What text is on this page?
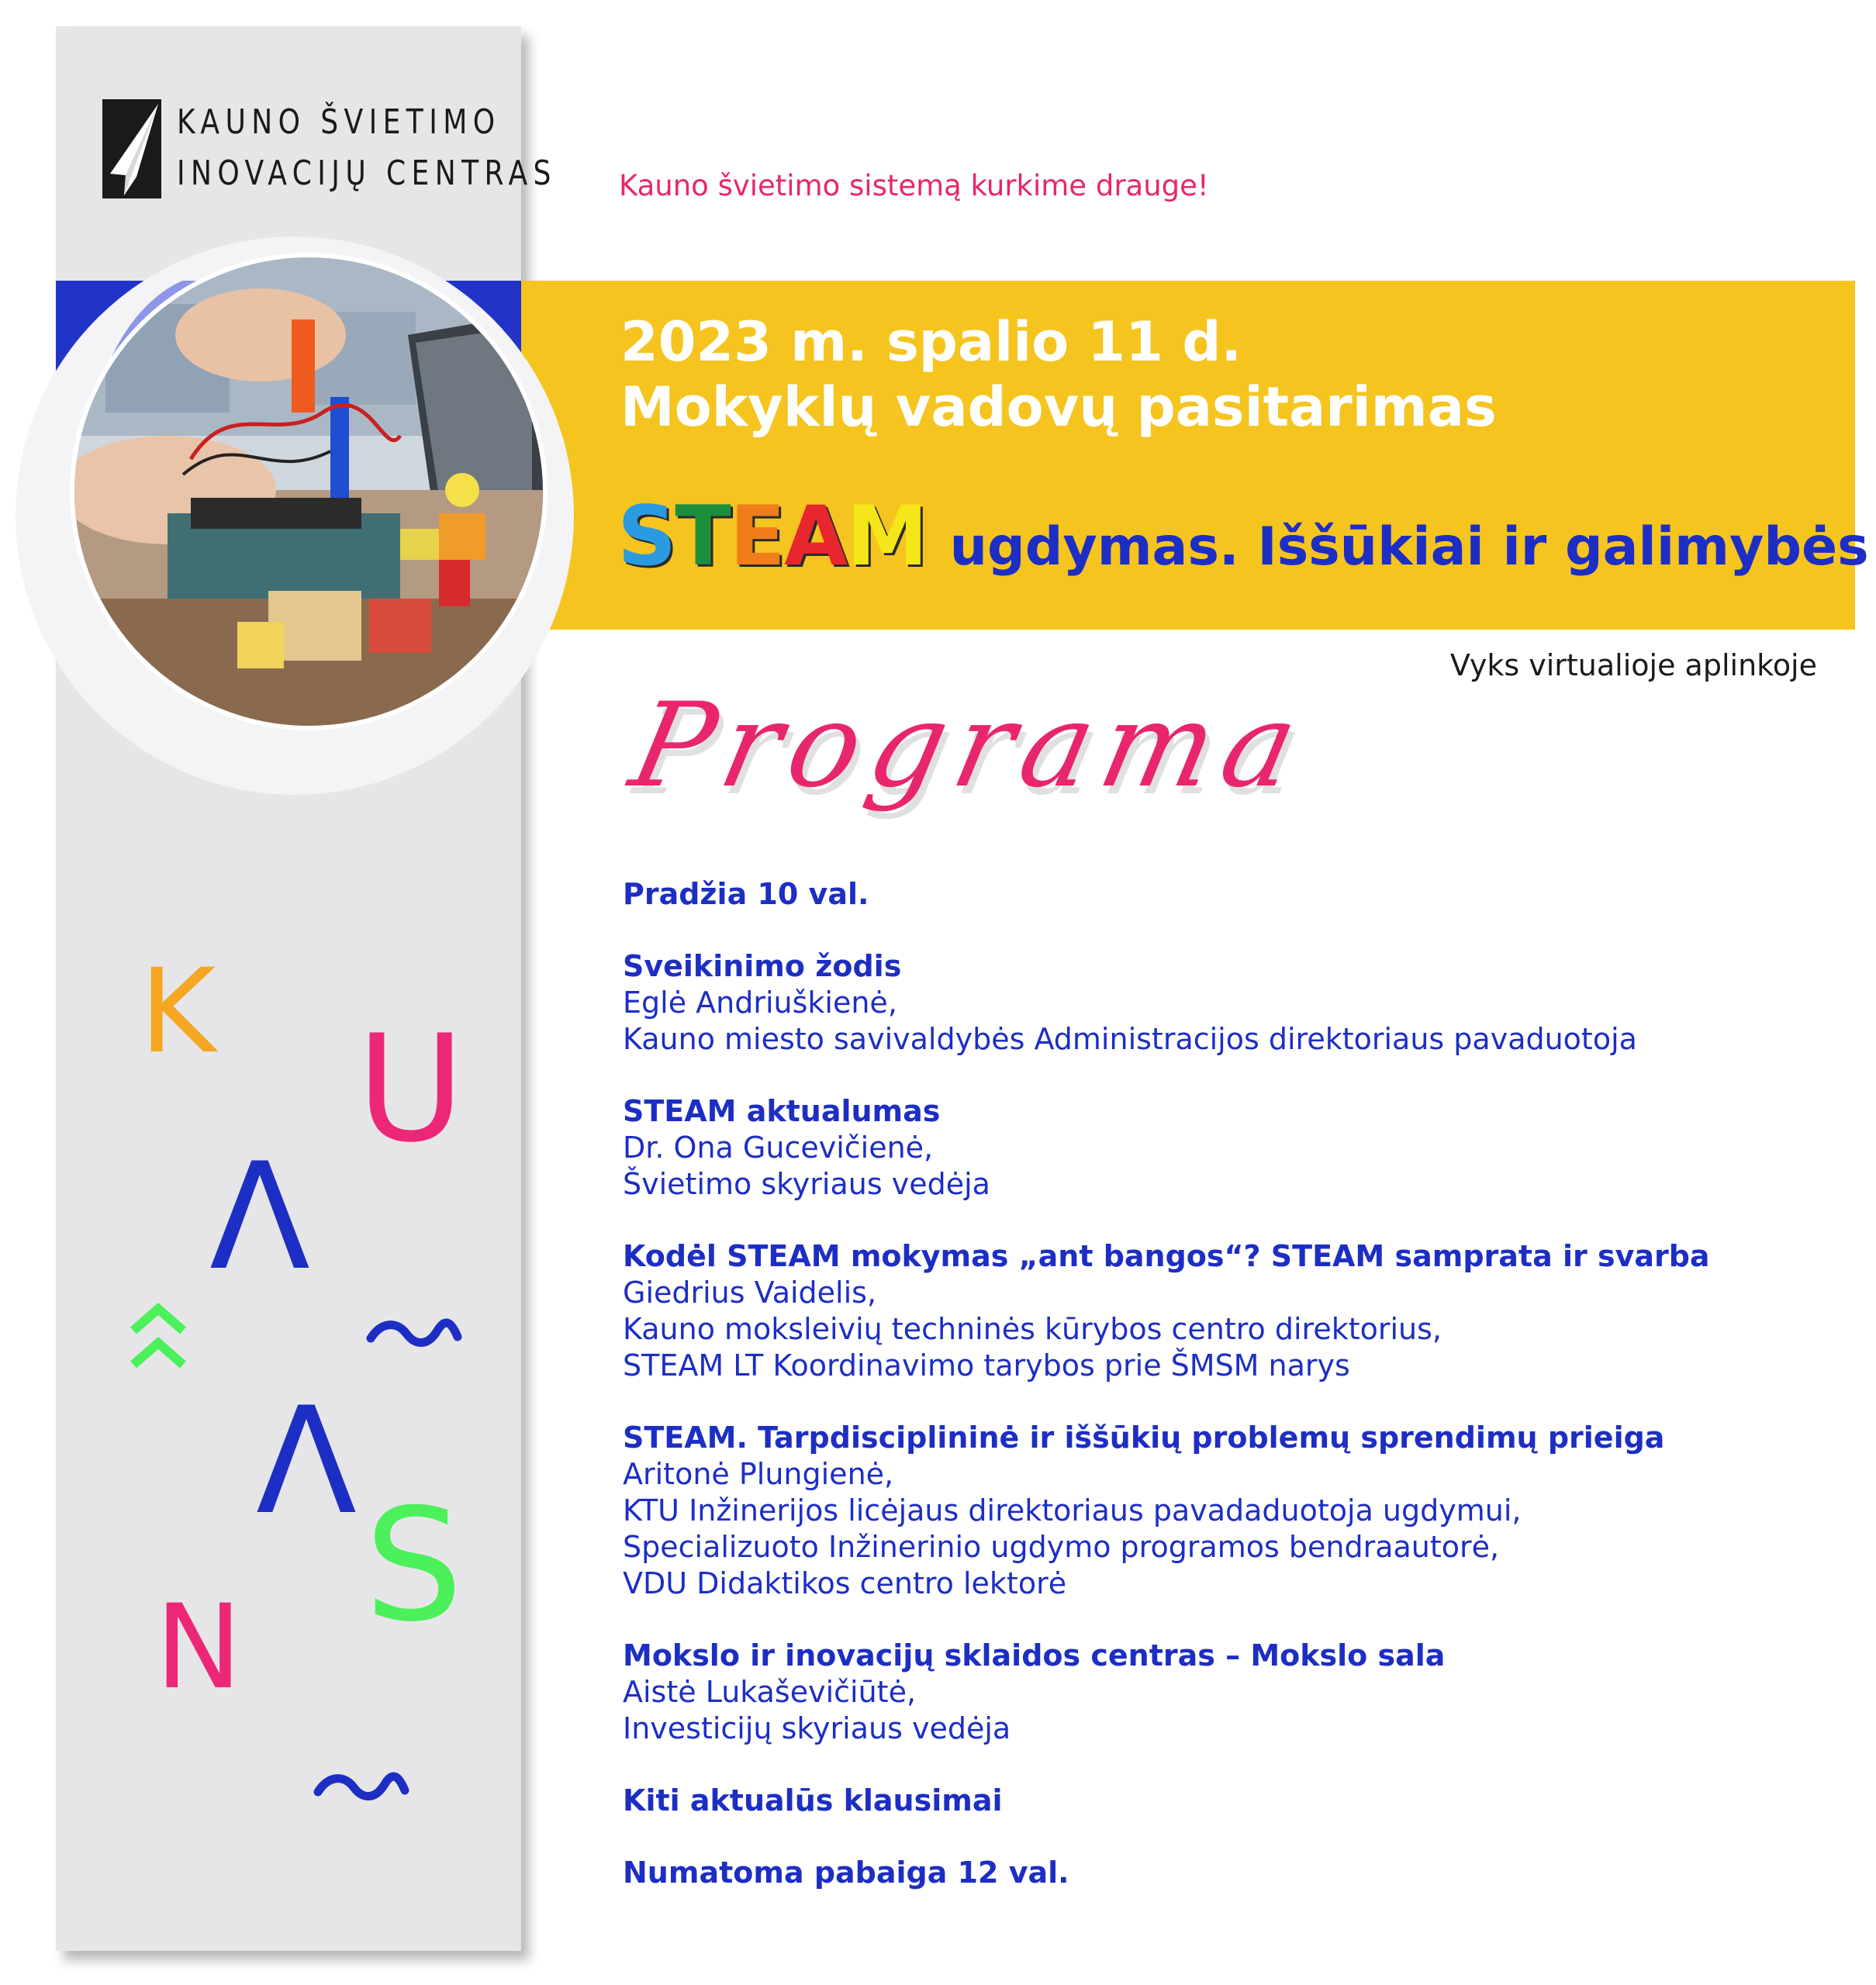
KAUNO ŠVIETIMO
INOVACIJŲ CENTRAS Kauno švietimo sistemą kurkime drauge!
2023 m. spalio 11 d.
Mokyklų vadovų pasitarimas
STEAM ugdymas. Iššūkiai ir galimybės
Vyks virtualioje aplinkoje
Programa
Pradžia 10 val.
Sveikinimo žodis
Eglė Andriuškienė,
Kauno miesto savivaldybės Administracijos direktoriaus pavaduotoja
STEAM aktualumas
Dr. Ona Gucevičienė,
Švietimo skyriaus vedėja
Kodėl STEAM mokymas „ant bangos“? STEAM samprata ir svarba
Giedrius Vaidelis,
Kauno moksleivių techninės kūrybos centro direktorius,
STEAM LT Koordinavimo tarybos prie ŠMSM narys
STEAM. Tarpdisciplininė ir iššūkių problemų sprendimų prieiga
Aritonė Plungienė,
KTU Inžinerijos licėjaus direktoriaus pavadaduotoja ugdymui,
Specializuoto Inžinerinio ugdymo programos bendraautorė,
VDU Didaktikos centro lektorė
Mokslo ir inovacijų sklaidos centras – Mokslo sala
Aistė Lukaševičiūtė,
Investicijų skyriaus vedėja
Kiti aktualūs klausimai
Numatoma pabaiga 12 val.
K
Λ
U
Λ
N S
